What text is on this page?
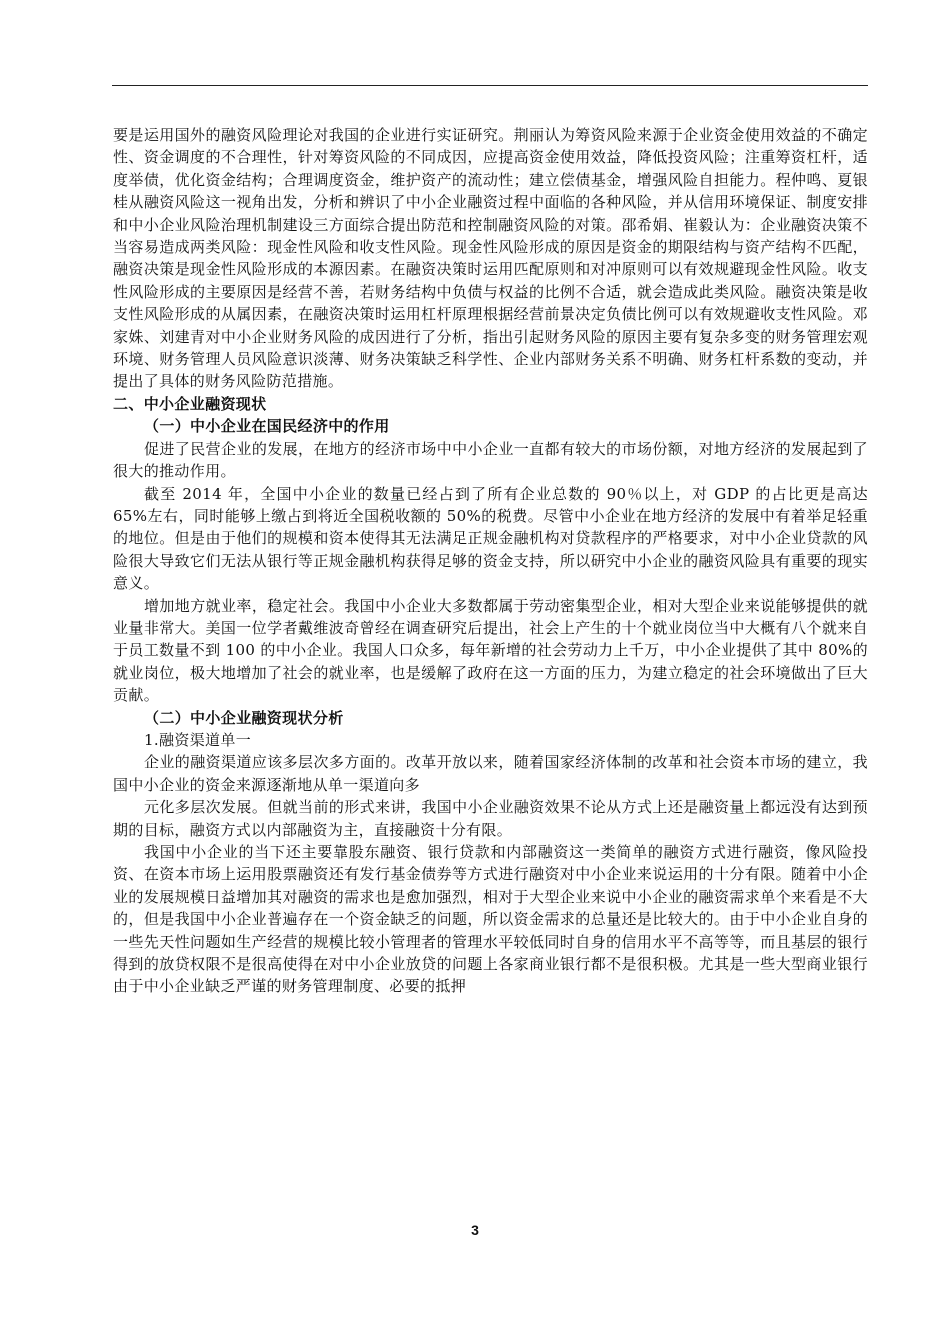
要是运用国外的融资风险理论对我国的企业进行实证研究。荆丽认为筹资风险来源于企业资金使用效益的不确定性、资金调度的不合理性，针对筹资风险的不同成因，应提高资金使用效益，降低投资风险；注重筹资杠杆，适度举债，优化资金结构；合理调度资金，维护资产的流动性；建立偿债基金，增强风险自担能力。程仲鸣、夏银桂从融资风险这一视角出发，分析和辨识了中小企业融资过程中面临的各种风险，并从信用环境保证、制度安排和中小企业风险治理机制建设三方面综合提出防范和控制融资风险的对策。邵希娟、崔毅认为：企业融资决策不当容易造成两类风险：现金性风险和收支性风险。现金性风险形成的原因是资金的期限结构与资产结构不匹配，融资决策是现金性风险形成的本源因素。在融资决策时运用匹配原则和对冲原则可以有效规避现金性风险。收支性风险形成的主要原因是经营不善，若财务结构中负债与权益的比例不合适，就会造成此类风险。融资决策是收支性风险形成的从属因素，在融资决策时运用杠杆原理根据经营前景决定负债比例可以有效规避收支性风险。邓家姝、刘建青对中小企业财务风险的成因进行了分析，指出引起财务风险的原因主要有复杂多变的财务管理宏观环境、财务管理人员风险意识淡薄、财务决策缺乏科学性、企业内部财务关系不明确、财务杠杆系数的变动，并提出了具体的财务风险防范措施。

二、中小企业融资现状

（一）中小企业在国民经济中的作用

促进了民营企业的发展，在地方的经济市场中中小企业一直都有较大的市场份额，对地方经济的发展起到了很大的推动作用。

截至 2014 年，全国中小企业的数量已经占到了所有企业总数的 90％以上，对 GDP 的占比更是高达 65%左右，同时能够上缴占到将近全国税收额的 50%的税费。尽管中小企业在地方经济的发展中有着举足轻重的地位。但是由于他们的规模和资本使得其无法满足正规金融机构对贷款程序的严格要求，对中小企业贷款的风险很大导致它们无法从银行等正规金融机构获得足够的资金支持，所以研究中小企业的融资风险具有重要的现实意义。

增加地方就业率，稳定社会。我国中小企业大多数都属于劳动密集型企业，相对大型企业来说能够提供的就业量非常大。美国一位学者戴维波奇曾经在调查研究后提出，社会上产生的十个就业岗位当中大概有八个就来自于员工数量不到 100 的中小企业。我国人口众多，每年新增的社会劳动力上千万，中小企业提供了其中 80%的就业岗位，极大地增加了社会的就业率，也是缓解了政府在这一方面的压力，为建立稳定的社会环境做出了巨大贡献。

（二）中小企业融资现状分析

1.融资渠道单一

企业的融资渠道应该多层次多方面的。改革开放以来，随着国家经济体制的改革和社会资本市场的建立，我国中小企业的资金来源逐渐地从单一渠道向多

元化多层次发展。但就当前的形式来讲，我国中小企业融资效果不论从方式上还是融资量上都远没有达到预期的目标，融资方式以内部融资为主，直接融资十分有限。

我国中小企业的当下还主要靠股东融资、银行贷款和内部融资这一类简单的融资方式进行融资，像风险投资、在资本市场上运用股票融资还有发行基金债券等方式进行融资对中小企业来说运用的十分有限。随着中小企业的发展规模日益增加其对融资的需求也是愈加强烈，相对于大型企业来说中小企业的融资需求单个来看是不大的，但是我国中小企业普遍存在一个资金缺乏的问题，所以资金需求的总量还是比较大的。由于中小企业自身的一些先天性问题如生产经营的规模比较小管理者的管理水平较低同时自身的信用水平不高等等，而且基层的银行得到的放贷权限不是很高使得在对中小企业放贷的问题上各家商业银行都不是很积极。尤其是一些大型商业银行由于中小企业缺乏严谨的财务管理制度、必要的抵押

3
